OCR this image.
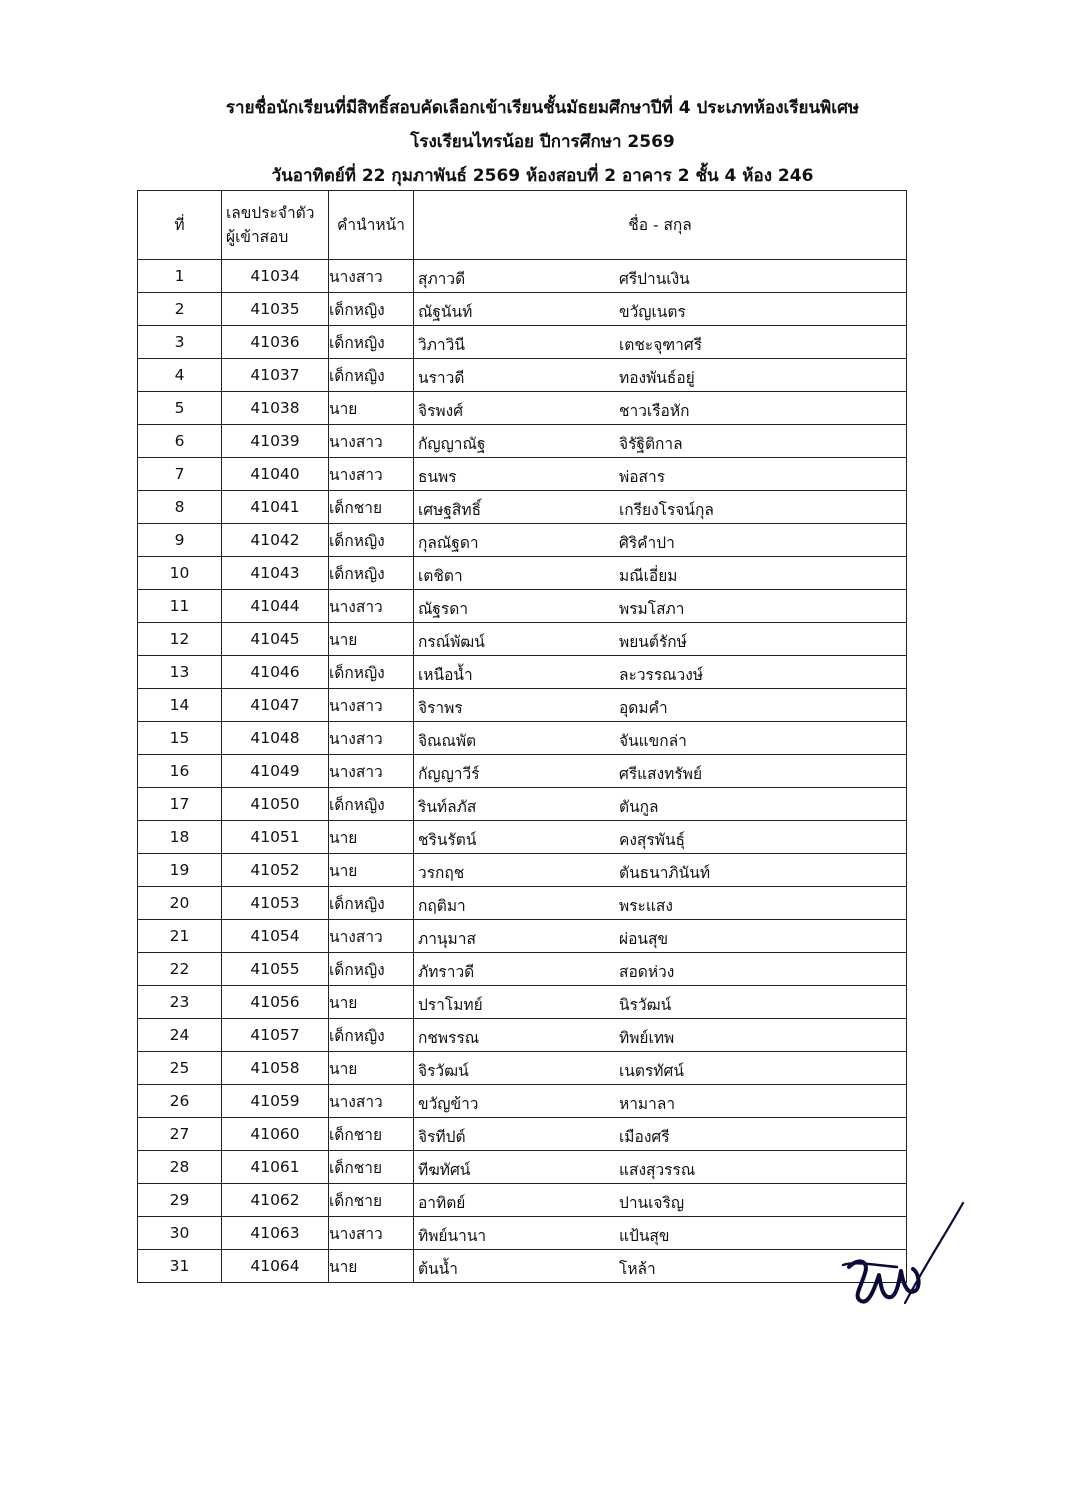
รายชื่อนักเรียนที่มีสิทธิ์สอบคัดเลือกเข้าเรียนชั้นมัธยมศึกษาปีที่ 4 ประเภทห้องเรียนพิเศษ
โรงเรียนไทรน้อย ปีการศึกษา 2569
วันอาทิตย์ที่ 22 กุมภาพันธ์ 2569 ห้องสอบที่ 2 อาคาร 2 ชั้น 4 ห้อง 246
ที่	เลขประจำตัว
ผู้เข้าสอบ	คำนำหน้า	ชื่อ - สกุล
1	41034	นางสาว	สุภาวดี ศรีปานเงิน

2	41035	เด็กหญิง	ณัฐนันท์ ขวัญเนตร

3	41036	เด็กหญิง	วิภาวินี เตชะจุฑาศรี

4	41037	เด็กหญิง	นราวดี ทองพันธ์อยู่

5	41038	นาย	จิรพงศ์ ชาวเรือหัก

6	41039	นางสาว	กัญญาณัฐ จิรัฐิติกาล

7	41040	นางสาว	ธนพร พ่อสาร

8	41041	เด็กชาย	เศษฐสิทธิ์ เกรียงโรจน์กุล

9	41042	เด็กหญิง	กุลณัฐดา ศิริคำปา

10	41043	เด็กหญิง	เตชิตา มณีเอี่ยม

11	41044	นางสาว	ณัฐรดา พรมโสภา

12	41045	นาย	กรณ์พัฒน์ พยนต์รักษ์

13	41046	เด็กหญิง	เหนือน้ำ ละวรรณวงษ์

14	41047	นางสาว	จิราพร อุดมคำ

15	41048	นางสาว	จิณณพัต จันแขกล่า

16	41049	นางสาว	กัญญาวีร์ ศรีแสงทรัพย์

17	41050	เด็กหญิง	รินท์ลภัส ตันกูล

18	41051	นาย	ชรินรัตน์ คงสุรพันธุ์

19	41052	นาย	วรกฤช ตันธนาภินันท์

20	41053	เด็กหญิง	กฤติมา พระแสง

21	41054	นางสาว	ภานุมาส ผ่อนสุข

22	41055	เด็กหญิง	ภัทราวดี สอดห่วง

23	41056	นาย	ปราโมทย์ นิรวัฒน์

24	41057	เด็กหญิง	กชพรรณ ทิพย์เทพ

25	41058	นาย	จิรวัฒน์ เนตรทัศน์

26	41059	นางสาว	ขวัญข้าว หามาลา

27	41060	เด็กชาย	จิรทีปต์ เมืองศรี

28	41061	เด็กชาย	ทีฆทัศน์ แสงสุวรรณ

29	41062	เด็กชาย	อาทิตย์ ปานเจริญ

30	41063	นางสาว	ทิพย์นานา แป้นสุข

31	41064	นาย	ต้นน้ำ โหล้า
